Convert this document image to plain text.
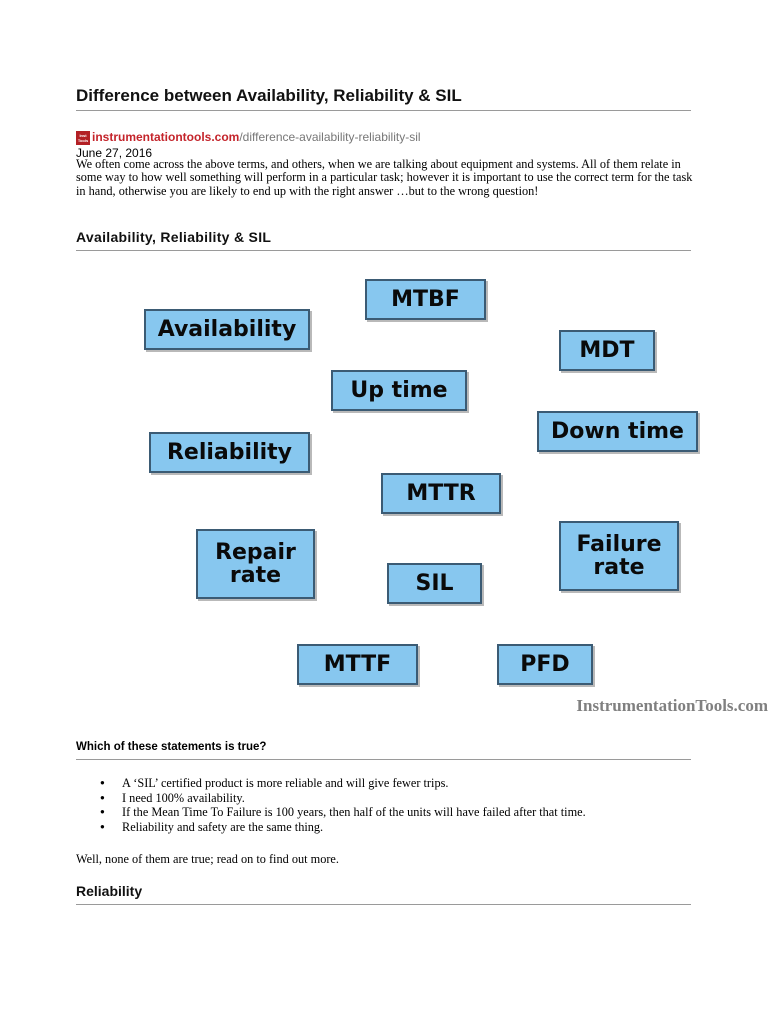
Difference between Availability, Reliability & SIL
Inst Tools instrumentationtools.com /difference-availability-reliability-sil
June 27, 2016

We often come across the above terms, and others, when we are talking about equipment and systems. All of them relate in some way to how well something will perform in a particular task; however it is important to use the correct term for the task in hand, otherwise you are likely to end up with the right answer …but to the wrong question!

Availability, Reliability & SIL
MTBF
Availability
MDT
Up time
Down time
Reliability
MTTR
Repair rate
Failure rate
SIL
MTTF	PFD
InstrumentationTools.com
Which of these statements is true?
● A ‘SIL’ certified product is more reliable and will give fewer trips.
● I need 100% availability.
● If the Mean Time To Failure is 100 years, then half of the units will have failed after that time.
● Reliability and safety are the same thing.

Well, none of them are true; read on to find out more.

Reliability
